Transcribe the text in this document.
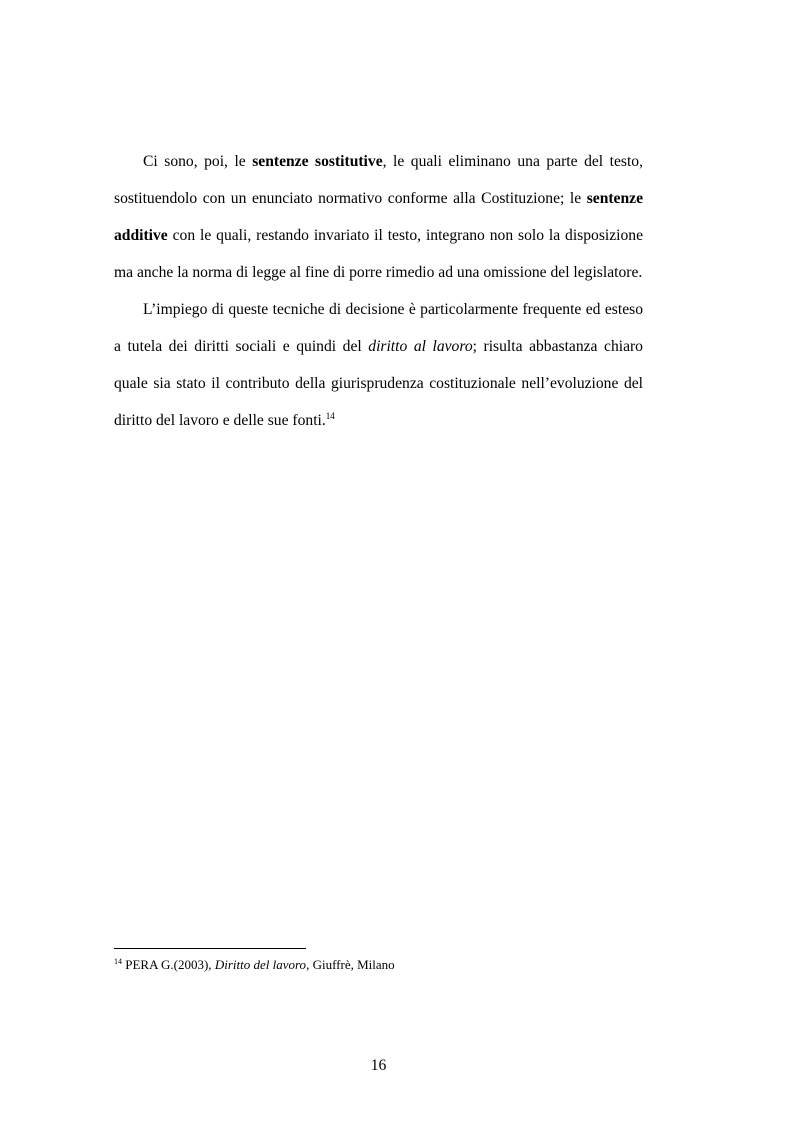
Ci sono, poi, le sentenze sostitutive, le quali eliminano una parte del testo, sostituendolo con un enunciato normativo conforme alla Costituzione; le sentenze additive con le quali, restando invariato il testo, integrano non solo la disposizione ma anche la norma di legge al fine di porre rimedio ad una omissione del legislatore.

L’impiego di queste tecniche di decisione è particolarmente frequente ed esteso a tutela dei diritti sociali e quindi del diritto al lavoro; risulta abbastanza chiaro quale sia stato il contributo della giurisprudenza costituzionale nell’evoluzione del diritto del lavoro e delle sue fonti.$^{14}$

$^{14}$ PERA G.(2003), Diritto del lavoro, Giuffrè, Milano
16
